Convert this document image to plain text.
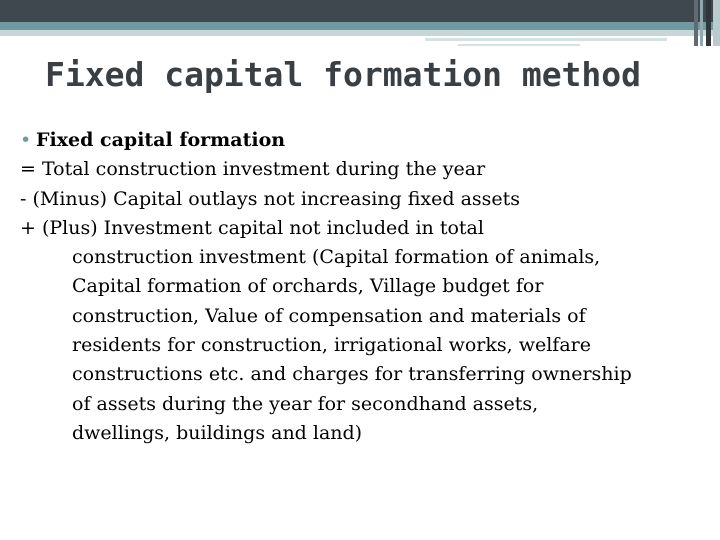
Fixed capital formation method
• Fixed capital formation
= Total construction investment during the year
- (Minus) Capital outlays not increasing fixed assets
+ (Plus) Investment capital not included in total
construction investment (Capital formation of animals,
Capital formation of orchards, Village budget for
construction, Value of compensation and materials of
residents for construction, irrigational works, welfare
constructions etc. and charges for transferring ownership
of assets during the year for secondhand assets,
dwellings, buildings and land)
